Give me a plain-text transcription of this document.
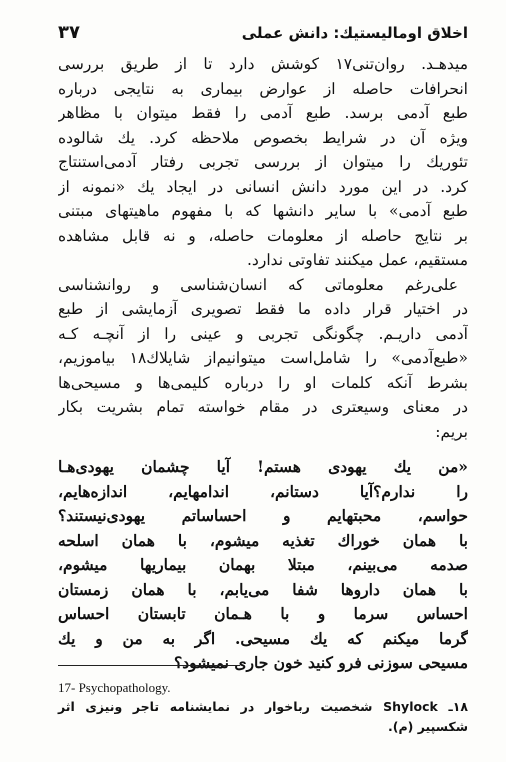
اخلاق اومالیستیك: دانش عملی
۳۷

میدهـد. روان‌تنی۱۷ کوشش دارد تا از طریق بررسی
انحرافات حاصله از عوارض بیماری به نتایجی درباره
طبع آدمی برسد. طبع آدمی را فقط میتوان با مظاهر
ویژه آن در شرایط بخصوص ملاحظه کرد. یك شالوده
تئوریك را میتوان از بررسی تجربی رفتار آدمی‌استنتاج
کرد. در این مورد دانش انسانی در ایجاد یك «نمونه از
طبع آدمی» با سایر دانشها که با مفهوم ماهیتهای مبتنی
بر نتایج حاصله از معلومات حاصله، و نه قابل مشاهده
مستقیم، عمل میکنند تفاوتی ندارد.

علی‌رغم معلوماتی که انسان‌شناسی و روانشناسی

در اختیار قرار داده ما فقط تصویری آزمایشی از طبع
آدمی داریـم. چگونگی تجربی و عینی را از آنچـه کـه
«طبع‌آدمی» را شامل‌است میتوانیم‌از شایلاك۱۸ بیاموزیم،
بشرط آنکه کلمات او را درباره کلیمی‌ها و مسیحی‌ها
در معنای وسیعتری در مقام خواسته تمام بشریت بکار
بریم:

«من یك یهودی هستم! آیا چشمان یهودی‌هـا
را ندارم؟آیا دستانم، اندامهایم، اندازه‌هایم،
حواسم، محبتهایم و احساساتم یهودی‌نیستند؟
با همان خوراك تغذیه میشوم، با همان اسلحه
صدمه می‌بینم، مبتلا بهمان بیماریها میشوم،
با همان داروها شفا می‌یابم، با همان زمستان
احساس سرما و با هـمان تابستان احساس
گرما میکنم که یك مسیحی. اگر به من و یك
مسیحی سوزنی فرو کنید خون جاری نمیشود؟

17- Psychopathology.
۱۸ـ Shylock شخصیت رباخوار در نمایشنامه تاجر ونیزی اثر شکسپیر (م).
